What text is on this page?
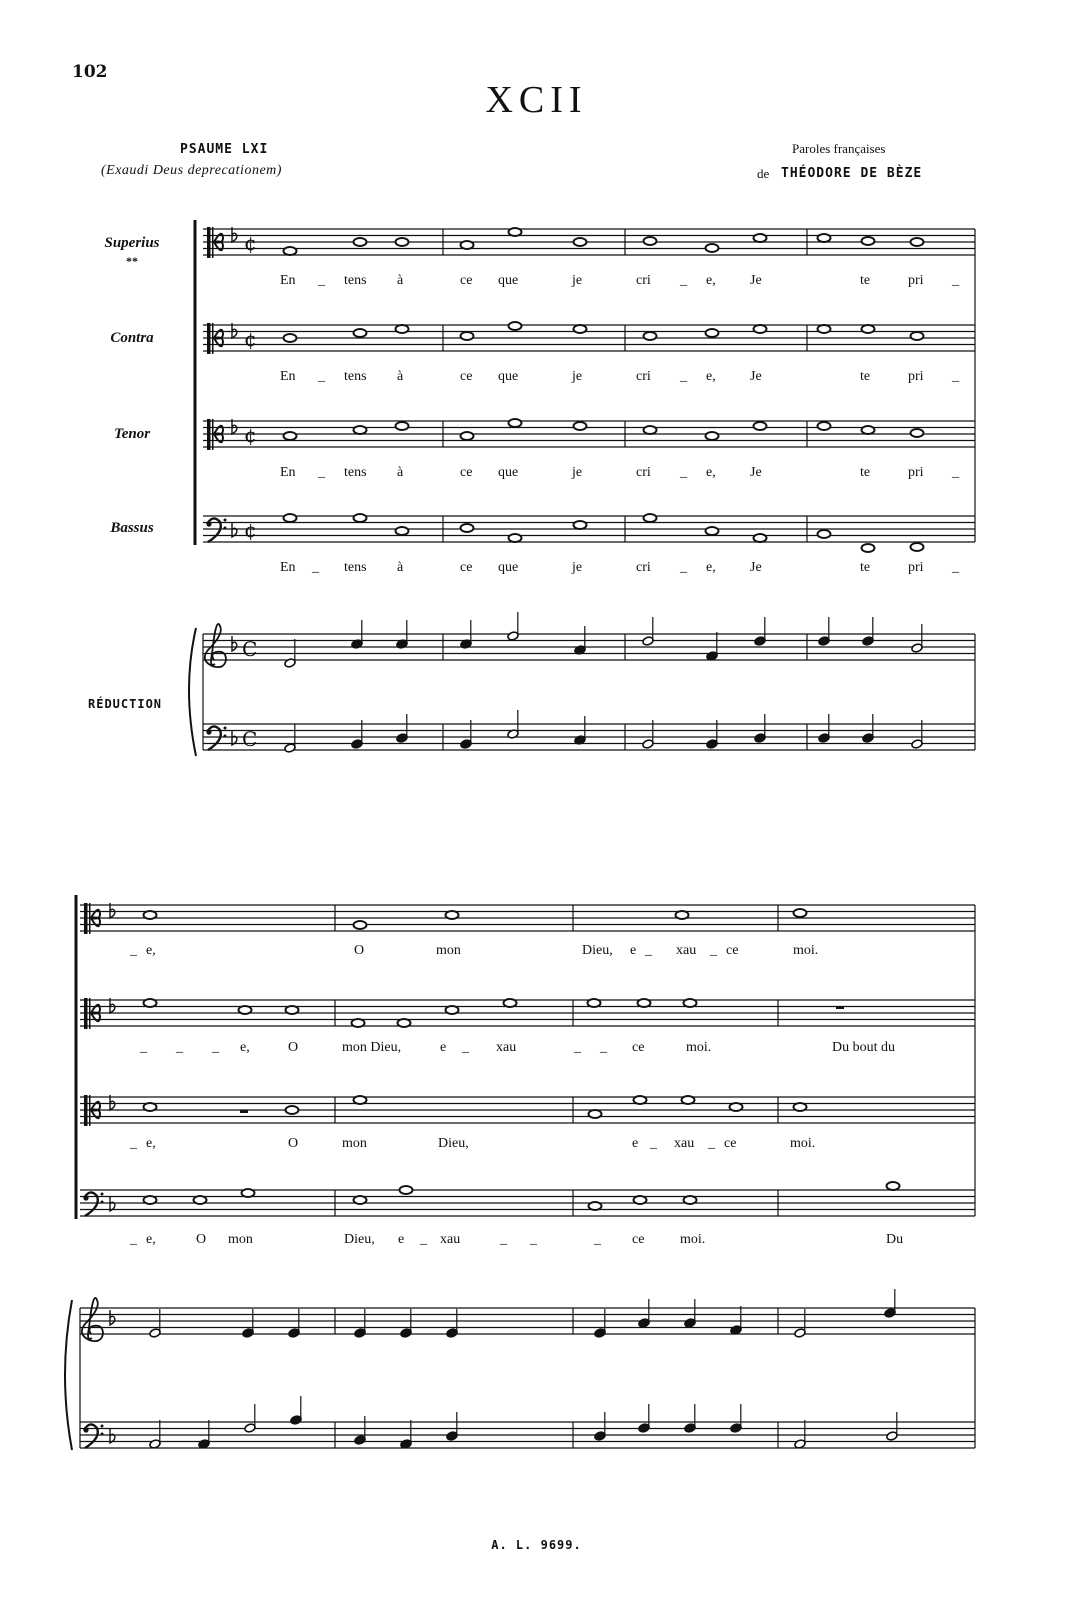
102
XCII
PSAUME LXI
(Exaudi Deus deprecationem)
Paroles françaises
de THÉODORE DE BÈZE
Superius
**
Contra
Tenor
Bassus
RÉDUCTION
En _ tens à	ce que	je	cri _ e, Je	te	pri _
En _ tens à	ce que	je	cri _ e, Je	te	pri _
En _ tens à	ce que	je	cri _ e, Je	te	pri _
En _ tens à	ce que	je	cri _ e, Je	te	pri _
_ e,	O	mon	Dieu, e _ xau _ ce	moi.
_ _ _ e,	O	mon Dieu,	e _ xau	_ _ ce	moi.	Du bout du
_ e,	O	mon	Dieu,	e _ xau _ ce	moi.
_ e,	O mon	Dieu, e _ xau	_ _	_ ce	moi.	Du
A. L. 9699.
¢
¢
¢
¢
C
C
